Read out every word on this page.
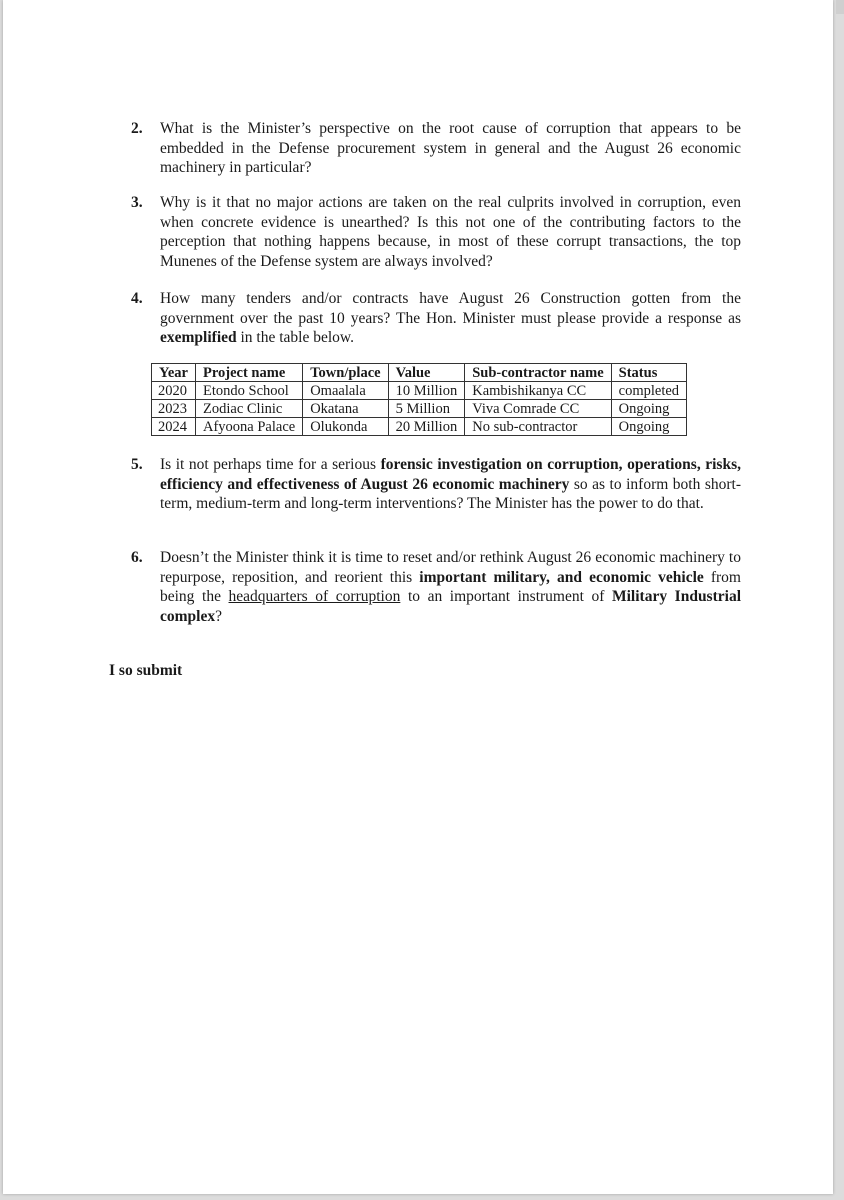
2.	What is the Minister’s perspective on the root cause of corruption that appears to be embedded in the Defense procurement system in general and the August 26 economic machinery in particular?
3.	Why is it that no major actions are taken on the real culprits involved in corruption, even when concrete evidence is unearthed? Is this not one of the contributing factors to the perception that nothing happens because, in most of these corrupt transactions, the top Munenes of the Defense system are always involved?
4.	How many tenders and/or contracts have August 26 Construction gotten from the government over the past 10 years? The Hon. Minister must please provide a response as exemplified in the table below.
Year	Project name	Town/place	Value	Sub-contractor name	Status
2020	Etondo School	Omaalala	10 Million	Kambishikanya CC	completed
2023	Zodiac Clinic	Okatana	5 Million	Viva Comrade CC	Ongoing
2024	Afyoona Palace	Olukonda	20 Million	No sub-contractor	Ongoing
5.	Is it not perhaps time for a serious forensic investigation on corruption, operations, risks, efficiency and effectiveness of August 26 economic machinery so as to inform both short-term, medium-term and long-term interventions? The Minister has the power to do that.
6.	Doesn’t the Minister think it is time to reset and/or rethink August 26 economic machinery to repurpose, reposition, and reorient this important military, and economic vehicle from being the headquarters of corruption to an important instrument of Military Industrial complex?
I so submit
